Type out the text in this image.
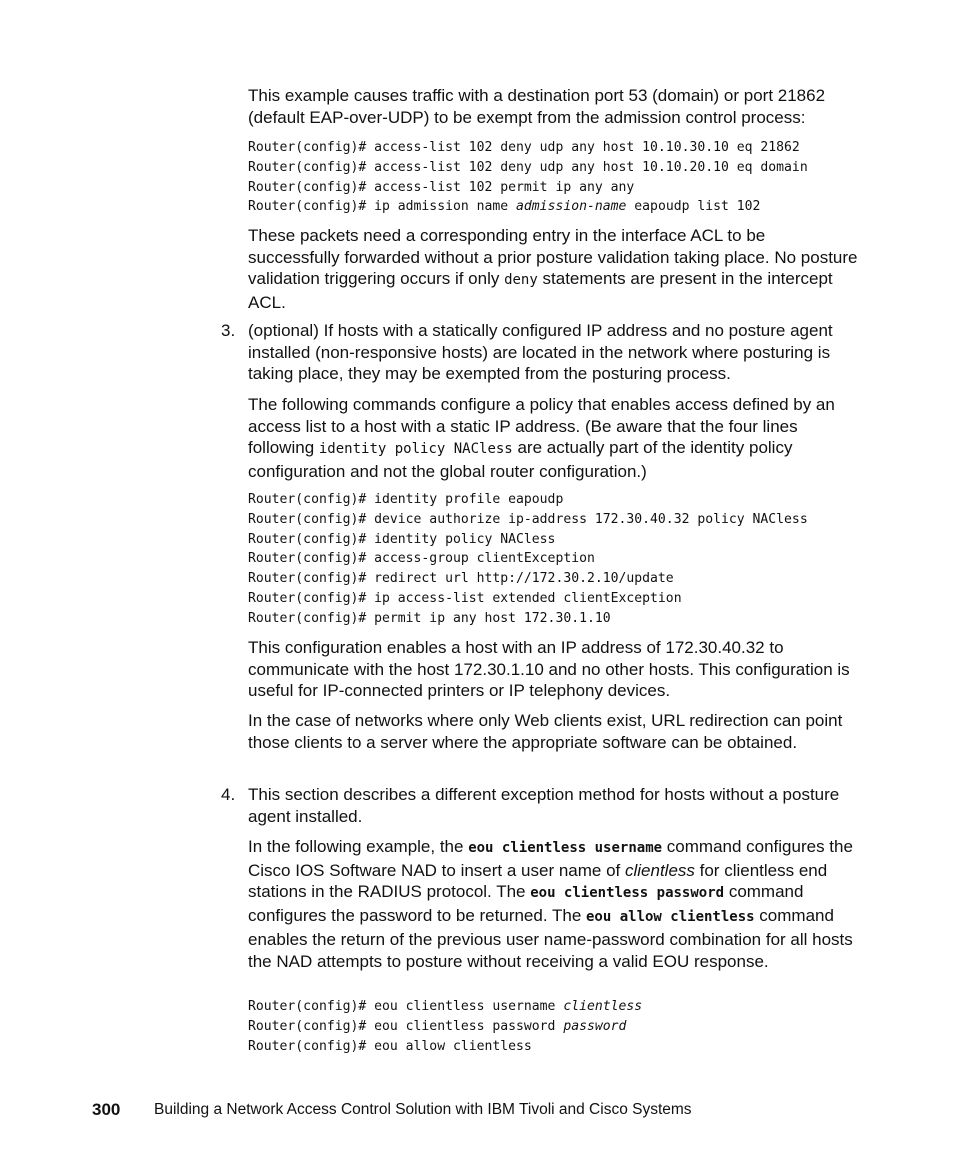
This example causes traffic with a destination port 53 (domain) or port 21862 (default EAP-over-UDP) to be exempt from the admission control process:

Router(config)# access-list 102 deny udp any host 10.10.30.10 eq 21862
Router(config)# access-list 102 deny udp any host 10.10.20.10 eq domain
Router(config)# access-list 102 permit ip any any
Router(config)# ip admission name admission-name eapoudp list 102

These packets need a corresponding entry in the interface ACL to be successfully forwarded without a prior posture validation taking place. No posture validation triggering occurs if only deny statements are present in the intercept ACL.

3. (optional) If hosts with a statically configured IP address and no posture agent installed (non-responsive hosts) are located in the network where posturing is taking place, they may be exempted from the posturing process.

The following commands configure a policy that enables access defined by an access list to a host with a static IP address. (Be aware that the four lines following identity policy NACless are actually part of the identity policy configuration and not the global router configuration.)

Router(config)# identity profile eapoudp
Router(config)# device authorize ip-address 172.30.40.32 policy NACless
Router(config)# identity policy NACless
Router(config)# access-group clientException
Router(config)# redirect url http://172.30.2.10/update
Router(config)# ip access-list extended clientException
Router(config)# permit ip any host 172.30.1.10

This configuration enables a host with an IP address of 172.30.40.32 to communicate with the host 172.30.1.10 and no other hosts. This configuration is useful for IP-connected printers or IP telephony devices.

In the case of networks where only Web clients exist, URL redirection can point those clients to a server where the appropriate software can be obtained.

4. This section describes a different exception method for hosts without a posture agent installed.

In the following example, the eou clientless username command configures the Cisco IOS Software NAD to insert a user name of clientless for clientless end stations in the RADIUS protocol. The eou clientless password command configures the password to be returned. The eou allow clientless command enables the return of the previous user name-password combination for all hosts the NAD attempts to posture without receiving a valid EOU response.

Router(config)# eou clientless username clientless
Router(config)# eou clientless password password
Router(config)# eou allow clientless
300 Building a Network Access Control Solution with IBM Tivoli and Cisco Systems
